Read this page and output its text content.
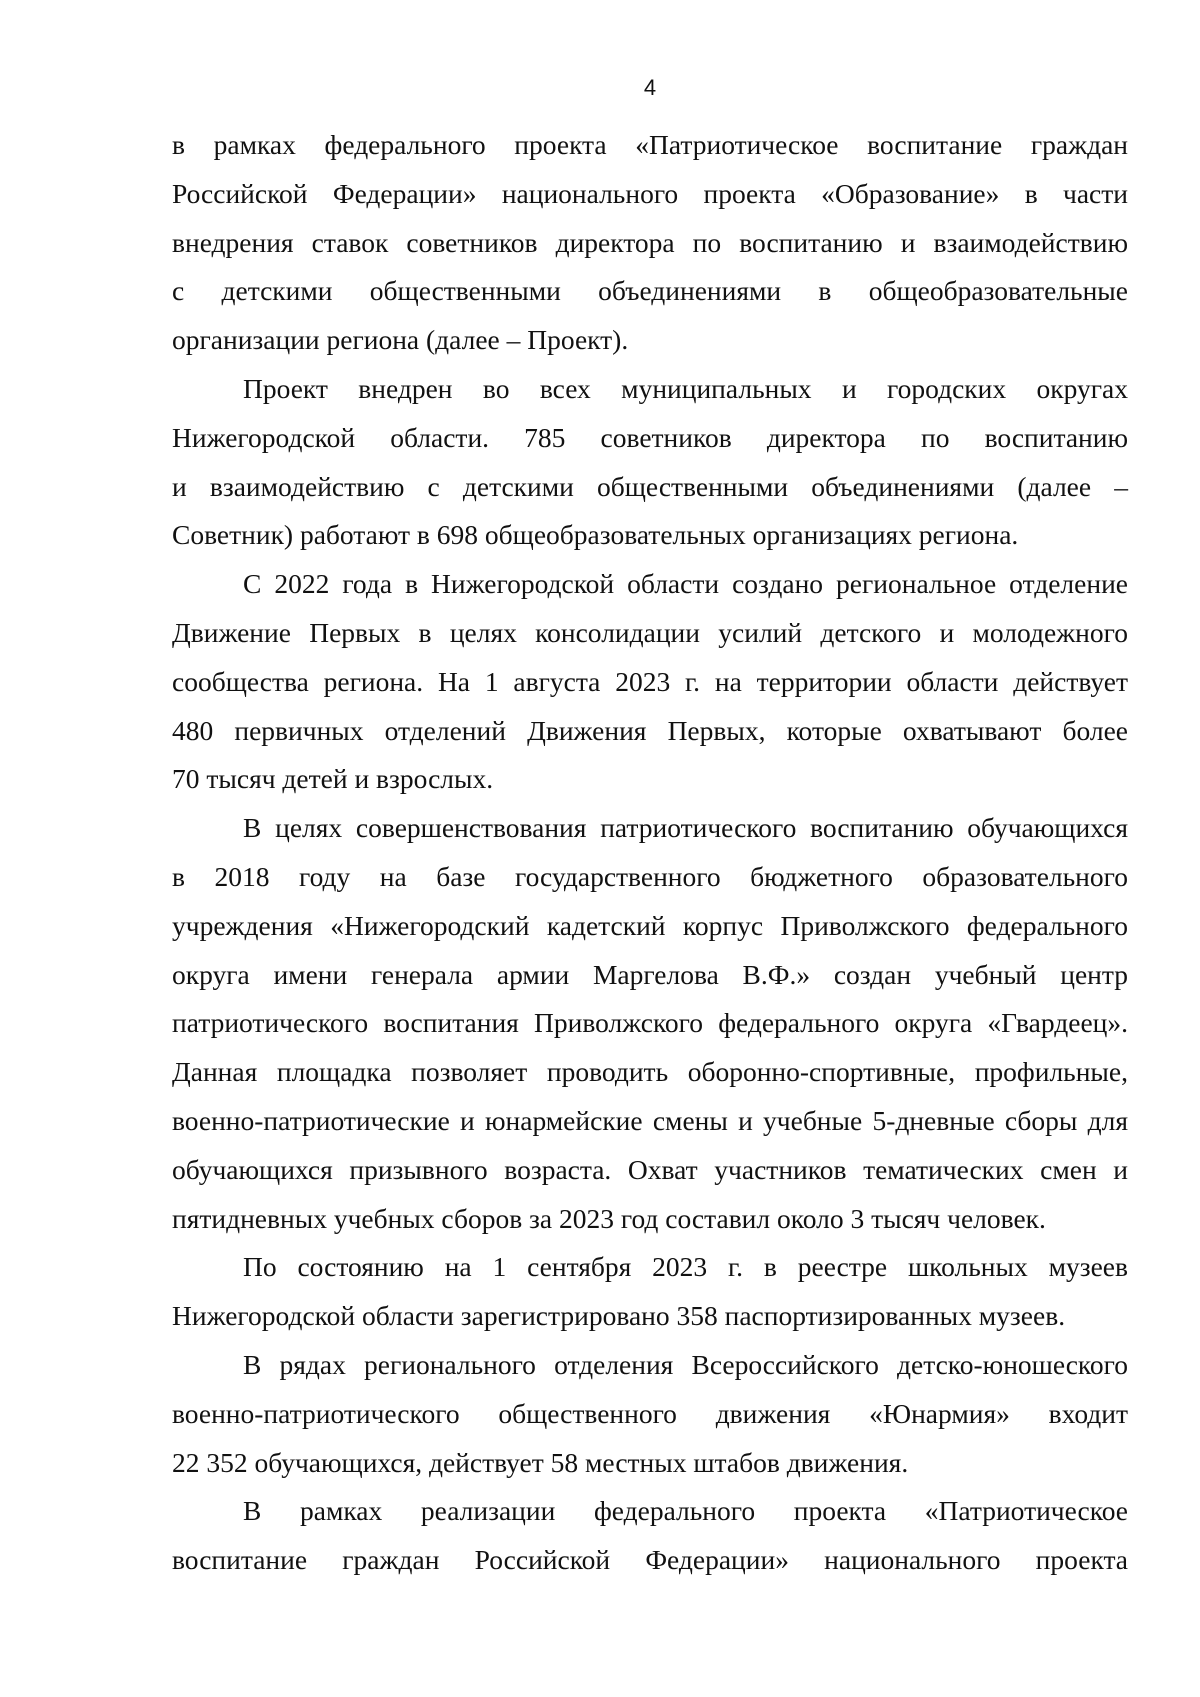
4
в рамках федерального проекта «Патриотическое воспитание граждан
Российской Федерации» национального проекта «Образование» в части
внедрения ставок советников директора по воспитанию и взаимодействию
с детскими общественными объединениями в общеобразовательные
организации региона (далее – Проект).
Проект внедрен во всех муниципальных и городских округах
Нижегородской области. 785 советников директора по воспитанию
и взаимодействию с детскими общественными объединениями (далее –
Советник) работают в 698 общеобразовательных организациях региона.
С 2022 года в Нижегородской области создано региональное отделение
Движение Первых в целях консолидации усилий детского и молодежного
сообщества региона. На 1 августа 2023 г. на территории области действует
480 первичных отделений Движения Первых, которые охватывают более
70 тысяч детей и взрослых.
В целях совершенствования патриотического воспитанию обучающихся
в 2018 году на базе государственного бюджетного образовательного
учреждения «Нижегородский кадетский корпус Приволжского федерального
округа имени генерала армии Маргелова В.Ф.» создан учебный центр
патриотического воспитания Приволжского федерального округа «Гвардеец».
Данная площадка позволяет проводить оборонно-спортивные, профильные,
военно-патриотические и юнармейские смены и учебные 5-дневные сборы для
обучающихся призывного возраста. Охват участников тематических смен и
пятидневных учебных сборов за 2023 год составил около 3 тысяч человек.
По состоянию на 1 сентября 2023 г. в реестре школьных музеев
Нижегородской области зарегистрировано 358 паспортизированных музеев.
В рядах регионального отделения Всероссийского детско-юношеского
военно-патриотического общественного движения «Юнармия» входит
22 352 обучающихся, действует 58 местных штабов движения.
В рамках реализации федерального проекта «Патриотическое
воспитание граждан Российской Федерации» национального проекта
